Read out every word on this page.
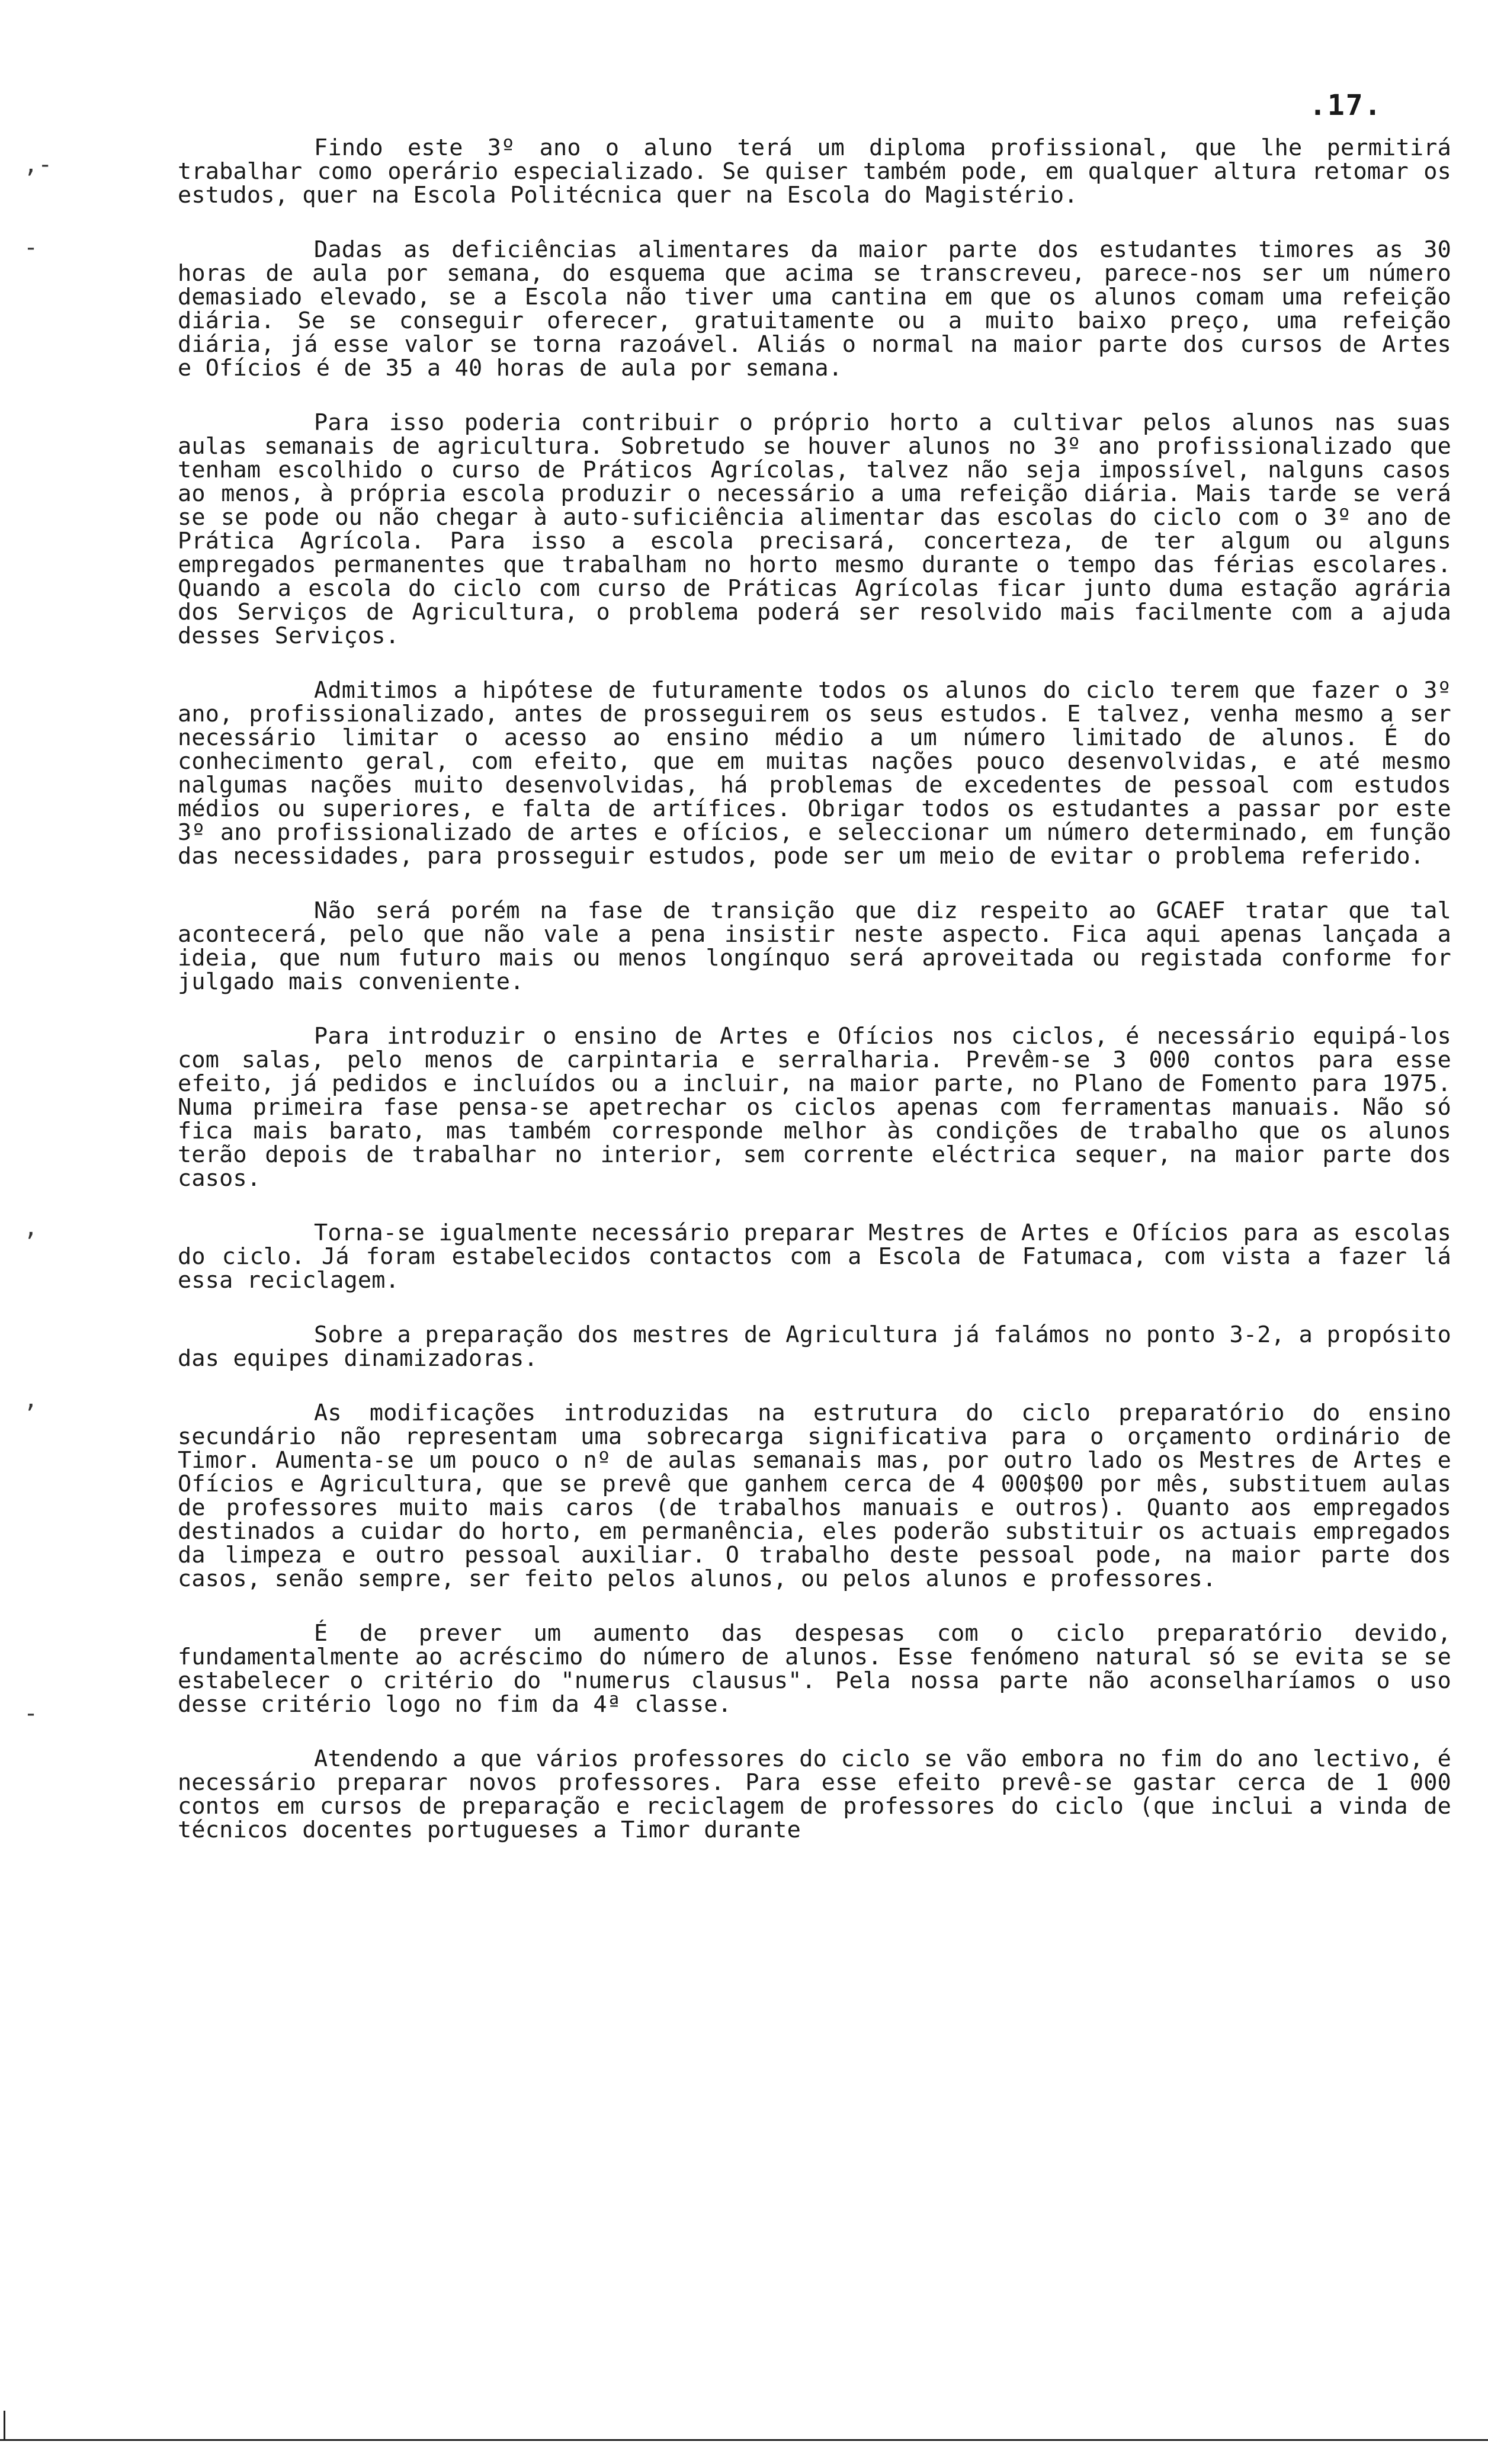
.17.
,-
-
,
,
-

Findo este 3º ano o aluno terá um diploma profissional, que lhe permitirá trabalhar como operário especializado. Se quiser também pode, em qualquer altura retomar os estudos, quer na Escola Politécnica quer na Escola do Magistério.

Dadas as deficiências alimentares da maior parte dos estudantes timores as 30 horas de aula por semana, do esquema que acima se transcreveu, parece-nos ser um número demasiado elevado, se a Escola não tiver uma cantina em que os alunos comam uma refeição diária. Se se conseguir oferecer, gratuitamente ou a muito baixo preço, uma refeição diária, já esse valor se torna razoável. Aliás o normal na maior parte dos cursos de Artes e Ofícios é de 35 a 40 horas de aula por semana.

Para isso poderia contribuir o próprio horto a cultivar pelos alunos nas suas aulas semanais de agricultura. Sobretudo se houver alunos no 3º ano profissionalizado que tenham escolhido o curso de Práticos Agrícolas, talvez não seja impossível, nalguns casos ao menos, à própria escola produzir o necessário a uma refeição diária. Mais tarde se verá se se pode ou não chegar à auto-suficiência alimentar das escolas do ciclo com o 3º ano de Prática Agrícola. Para isso a escola precisará, concerteza, de ter algum ou alguns empregados permanentes que trabalham no horto mesmo durante o tempo das férias escolares. Quando a escola do ciclo com curso de Práticas Agrícolas ficar junto duma estação agrária dos Serviços de Agricultura, o problema poderá ser resolvido mais facilmente com a ajuda desses Serviços.

Admitimos a hipótese de futuramente todos os alunos do ciclo terem que fazer o 3º ano, profissionalizado, antes de prosseguirem os seus estudos. E talvez, venha mesmo a ser necessário limitar o acesso ao ensino médio a um número limitado de alunos. É do conhecimento geral, com efeito, que em muitas nações pouco desenvolvidas, e até mesmo nalgumas nações muito desenvolvidas, há problemas de excedentes de pessoal com estudos médios ou superiores, e falta de artífices. Obrigar todos os estudantes a passar por este 3º ano profissionalizado de artes e ofícios, e seleccionar um número determinado, em função das necessidades, para prosseguir estudos, pode ser um meio de evitar o problema referido.

Não será porém na fase de transição que diz respeito ao GCAEF tratar que tal acontecerá, pelo que não vale a pena insistir neste aspecto. Fica aqui apenas lançada a ideia, que num futuro mais ou menos longínquo será aproveitada ou registada conforme for julgado mais conveniente.

Para introduzir o ensino de Artes e Ofícios nos ciclos, é necessário equipá-los com salas, pelo menos de carpintaria e serralharia. Prevêm-se 3 000 contos para esse efeito, já pedidos e incluídos ou a incluir, na maior parte, no Plano de Fomento para 1975. Numa primeira fase pensa-se apetrechar os ciclos apenas com ferramentas manuais. Não só fica mais barato, mas também corresponde melhor às condições de trabalho que os alunos terão depois de trabalhar no interior, sem corrente eléctrica sequer, na maior parte dos casos.

Torna-se igualmente necessário preparar Mestres de Artes e Ofícios para as escolas do ciclo. Já foram estabelecidos contactos com a Escola de Fatumaca, com vista a fazer lá essa reciclagem.

Sobre a preparação dos mestres de Agricultura já falámos no ponto 3-2, a propósito das equipes dinamizadoras.

As modificações introduzidas na estrutura do ciclo preparatório do ensino secundário não representam uma sobrecarga significativa para o orçamento ordinário de Timor. Aumenta-se um pouco o nº de aulas semanais mas, por outro lado os Mestres de Artes e Ofícios e Agricultura, que se prevê que ganhem cerca de 4 000$00 por mês, substituem aulas de professores muito mais caros (de trabalhos manuais e outros). Quanto aos empregados destinados a cuidar do horto, em permanência, eles poderão substituir os actuais empregados da limpeza e outro pessoal auxiliar. O trabalho deste pessoal pode, na maior parte dos casos, senão sempre, ser feito pelos alunos, ou pelos alunos e professores.

É de prever um aumento das despesas com o ciclo preparatório devido, fundamentalmente ao acréscimo do número de alunos. Esse fenómeno natural só se evita se se estabelecer o critério do "numerus clausus". Pela nossa parte não aconselharíamos o uso desse critério logo no fim da 4ª classe.

Atendendo a que vários professores do ciclo se vão embora no fim do ano lectivo, é necessário preparar novos professores. Para esse efeito prevê-se gastar cerca de 1 000 contos em cursos de preparação e reciclagem de professores do ciclo (que inclui a vinda de técnicos docentes portugueses a Timor durante
